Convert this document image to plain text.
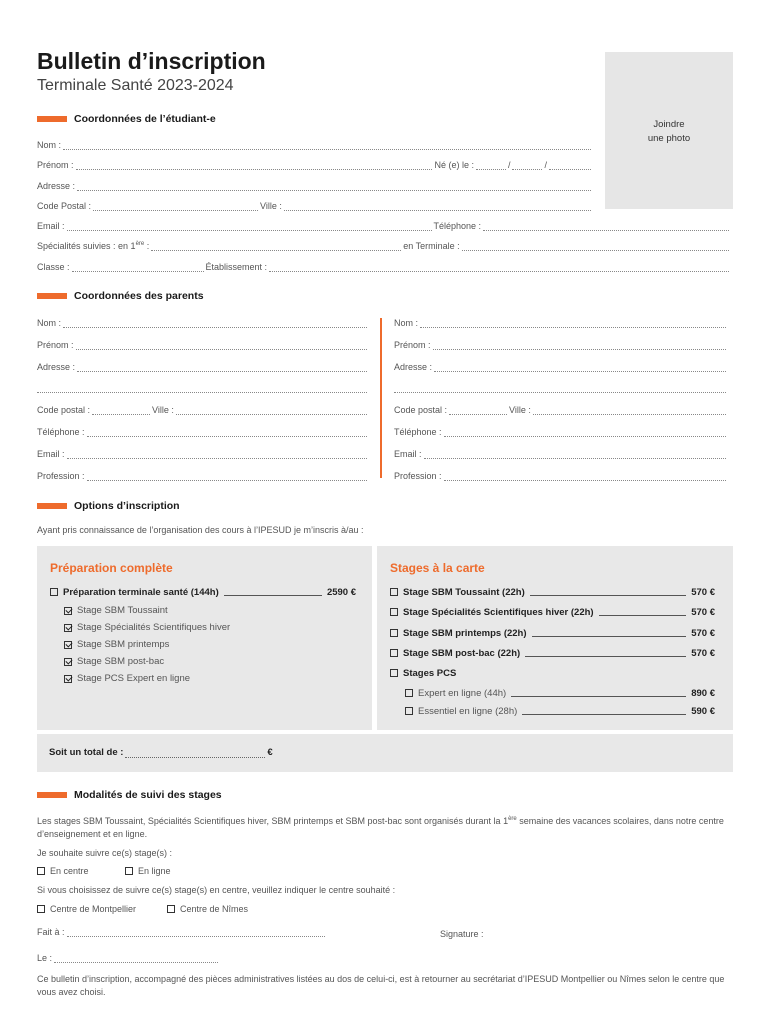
Bulletin d’inscription
Terminale Santé 2023-2024
Joindre
une photo
Coordonnées de l’étudiant-e
Nom :
Prénom :	Né (e) le :	/	/
Adresse :
Code Postal :	Ville :
Email :	Téléphone :
Spécialités suivies : en 1ère :	en Terminale :
Classe :	Établissement :
Coordonnées des parents
Nom :
Prénom :
Adresse :
Code postal :	Ville :
Téléphone :
Email :
Profession :
Nom :
Prénom :
Adresse :
Code postal :	Ville :
Téléphone :
Email :
Profession :
Options d’inscription
Ayant pris connaissance de l’organisation des cours à l’IPESUD je m’inscris à/au :
Préparation complète
Préparation terminale santé (144h)	2590 €
Stage SBM Toussaint
Stage Spécialités Scientifiques hiver
Stage SBM printemps
Stage SBM post-bac
Stage PCS Expert en ligne
Stages à la carte
Stage SBM Toussaint (22h)	570 €
Stage Spécialités Scientifiques hiver (22h)	570 €
Stage SBM printemps (22h)	570 €
Stage SBM post-bac (22h)	570 €
Stages PCS
Expert en ligne (44h)	890 €
Essentiel en ligne (28h)	590 €
Soit un total de :	€
Modalités de suivi des stages
Les stages SBM Toussaint, Spécialités Scientifiques hiver, SBM printemps et SBM post-bac sont organisés durant la 1ère semaine des vacances scolaires, dans notre centre d’enseignement et en ligne.
Je souhaite suivre ce(s) stage(s) :
En centre	En ligne
Si vous choisissez de suivre ce(s) stage(s) en centre, veuillez indiquer le centre souhaité :
Centre de Montpellier	Centre de Nîmes
Fait à :	Signature :
Le :
Ce bulletin d’inscription, accompagné des pièces administratives listées au dos de celui-ci, est à retourner au secrétariat d’IPESUD Montpellier ou Nîmes selon le centre que vous avez choisi.
